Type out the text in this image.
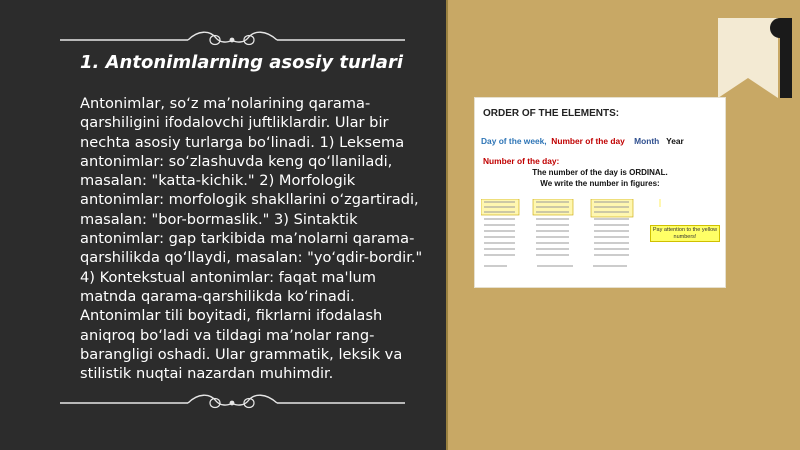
1. Antonimlarning asosiy turlari

Antonimlar, so‘z ma’nolarining qarama-qarshiligini ifodalovchi juftliklardir. Ular bir nechta asosiy turlarga bo‘linadi. 1) Leksema antonimlar: so‘zlashuvda keng qo‘llaniladi, masalan: "katta-kichik." 2) Morfologik antonimlar: morfologik shakllarini o‘zgartiradi, masalan: "bor-bormaslik." 3) Sintaktik antonimlar: gap tarkibida ma’nolarni qarama-qarshilikda qo‘llaydi, masalan: "yo‘qdir-bordir." 4) Kontekstual antonimlar: faqat ma'lum matnda qarama-qarshilikda ko‘rinadi. Antonimlar tili boyitadi, fikrlarni ifodalash aniqroq bo‘ladi va tildagi ma’nolar rang-barangligi oshadi. Ular grammatik, leksik va stilistik nuqtai nazardan muhimdir.

ORDER OF THE ELEMENTS:
Day of the week, Number of the day Month Year
Number of the day:
The number of the day is ORDINAL.
We write the number in figures:
Pay attention to the yellow numbers!
